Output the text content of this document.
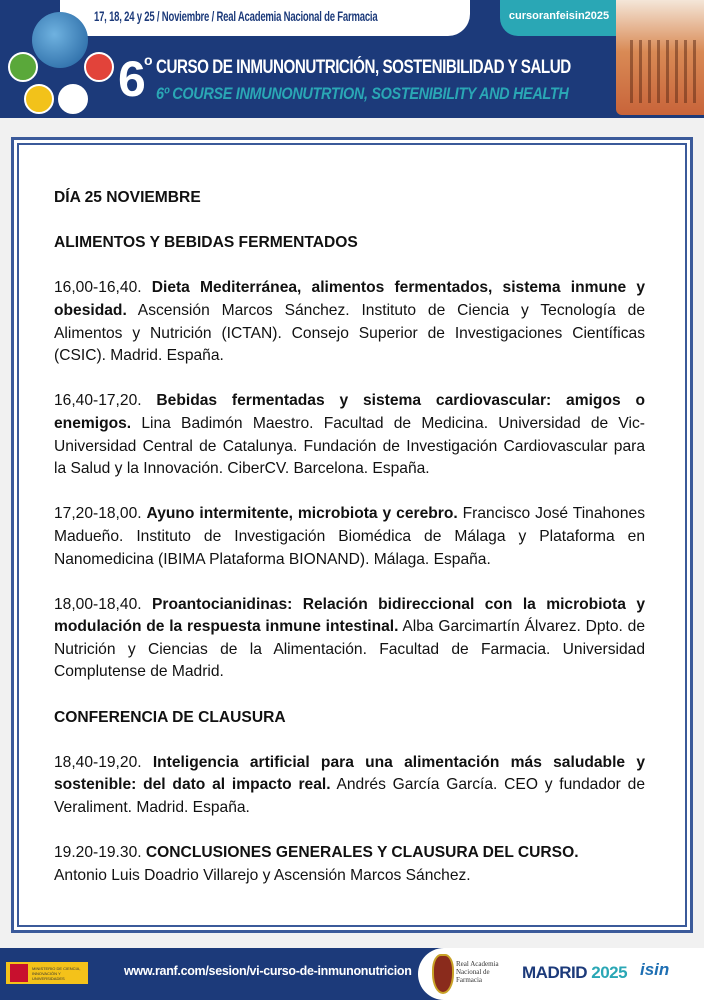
17, 18, 24 y 25 / Noviembre / Real Academia Nacional de Farmacia	cursoranfeisin2025
6
o CURSO DE INMUNONUTRICIÓN, SOSTENIBILIDAD Y SALUD
6º COURSE INMUNONUTRTION, SOSTENIBILITY AND HEALTH

DÍA 25 NOVIEMBRE

ALIMENTOS Y BEBIDAS FERMENTADOS

16,00-16,40. Dieta Mediterránea, alimentos fermentados, sistema inmune y obesidad. Ascensión Marcos Sánchez. Instituto de Ciencia y Tecnología de Alimentos y Nutrición (ICTAN). Consejo Superior de Investigaciones Científicas (CSIC). Madrid. España.

16,40-17,20. Bebidas fermentadas y sistema cardiovascular: amigos o enemigos. Lina Badimón Maestro. Facultad de Medicina. Universidad de Vic-Universidad Central de Catalunya. Fundación de Investigación Cardiovascular para la Salud y la Innovación. CiberCV. Barcelona. España.

17,20-18,00. Ayuno intermitente, microbiota y cerebro. Francisco José Tinahones Madueño. Instituto de Investigación Biomédica de Málaga y Plataforma en Nanomedicina (IBIMA Plataforma BIONAND). Málaga. España.

18,00-18,40. Proantocianidinas: Relación bidireccional con la microbiota y modulación de la respuesta inmune intestinal. Alba Garcimartín Álvarez. Dpto. de Nutrición y Ciencias de la Alimentación. Facultad de Farmacia. Universidad Complutense de Madrid.

CONFERENCIA DE CLAUSURA

18,40-19,20. Inteligencia artificial para una alimentación más saludable y sostenible: del dato al impacto real. Andrés García García. CEO y fundador de Veraliment. Madrid. España.

19.20-19.30. CONCLUSIONES GENERALES Y CLAUSURA DEL CURSO.
Antonio Luis Doadrio Villarejo y Ascensión Marcos Sánchez.

MINISTERIO DE CIENCIA, INNOVACIÓN Y UNIVERSIDADES
www.ranf.com/sesion/vi-curso-de-inmunonutricion	Real Academia Nacional de Farmacia	MADRID 2025 isin
